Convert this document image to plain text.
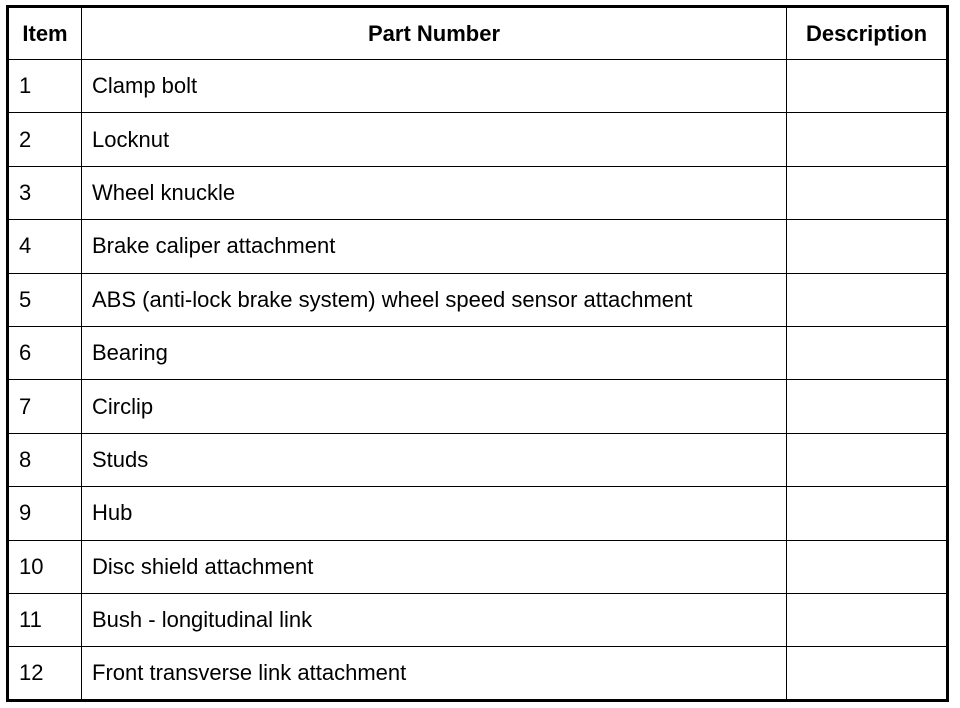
Item	Part Number	Description
1	Clamp bolt	
2	Locknut	
3	Wheel knuckle	
4	Brake caliper attachment	
5	ABS (anti-lock brake system) wheel speed sensor attachment	
6	Bearing	
7	Circlip	
8	Studs	
9	Hub	
10	Disc shield attachment	
11	Bush - longitudinal link	
12	Front transverse link attachment	
